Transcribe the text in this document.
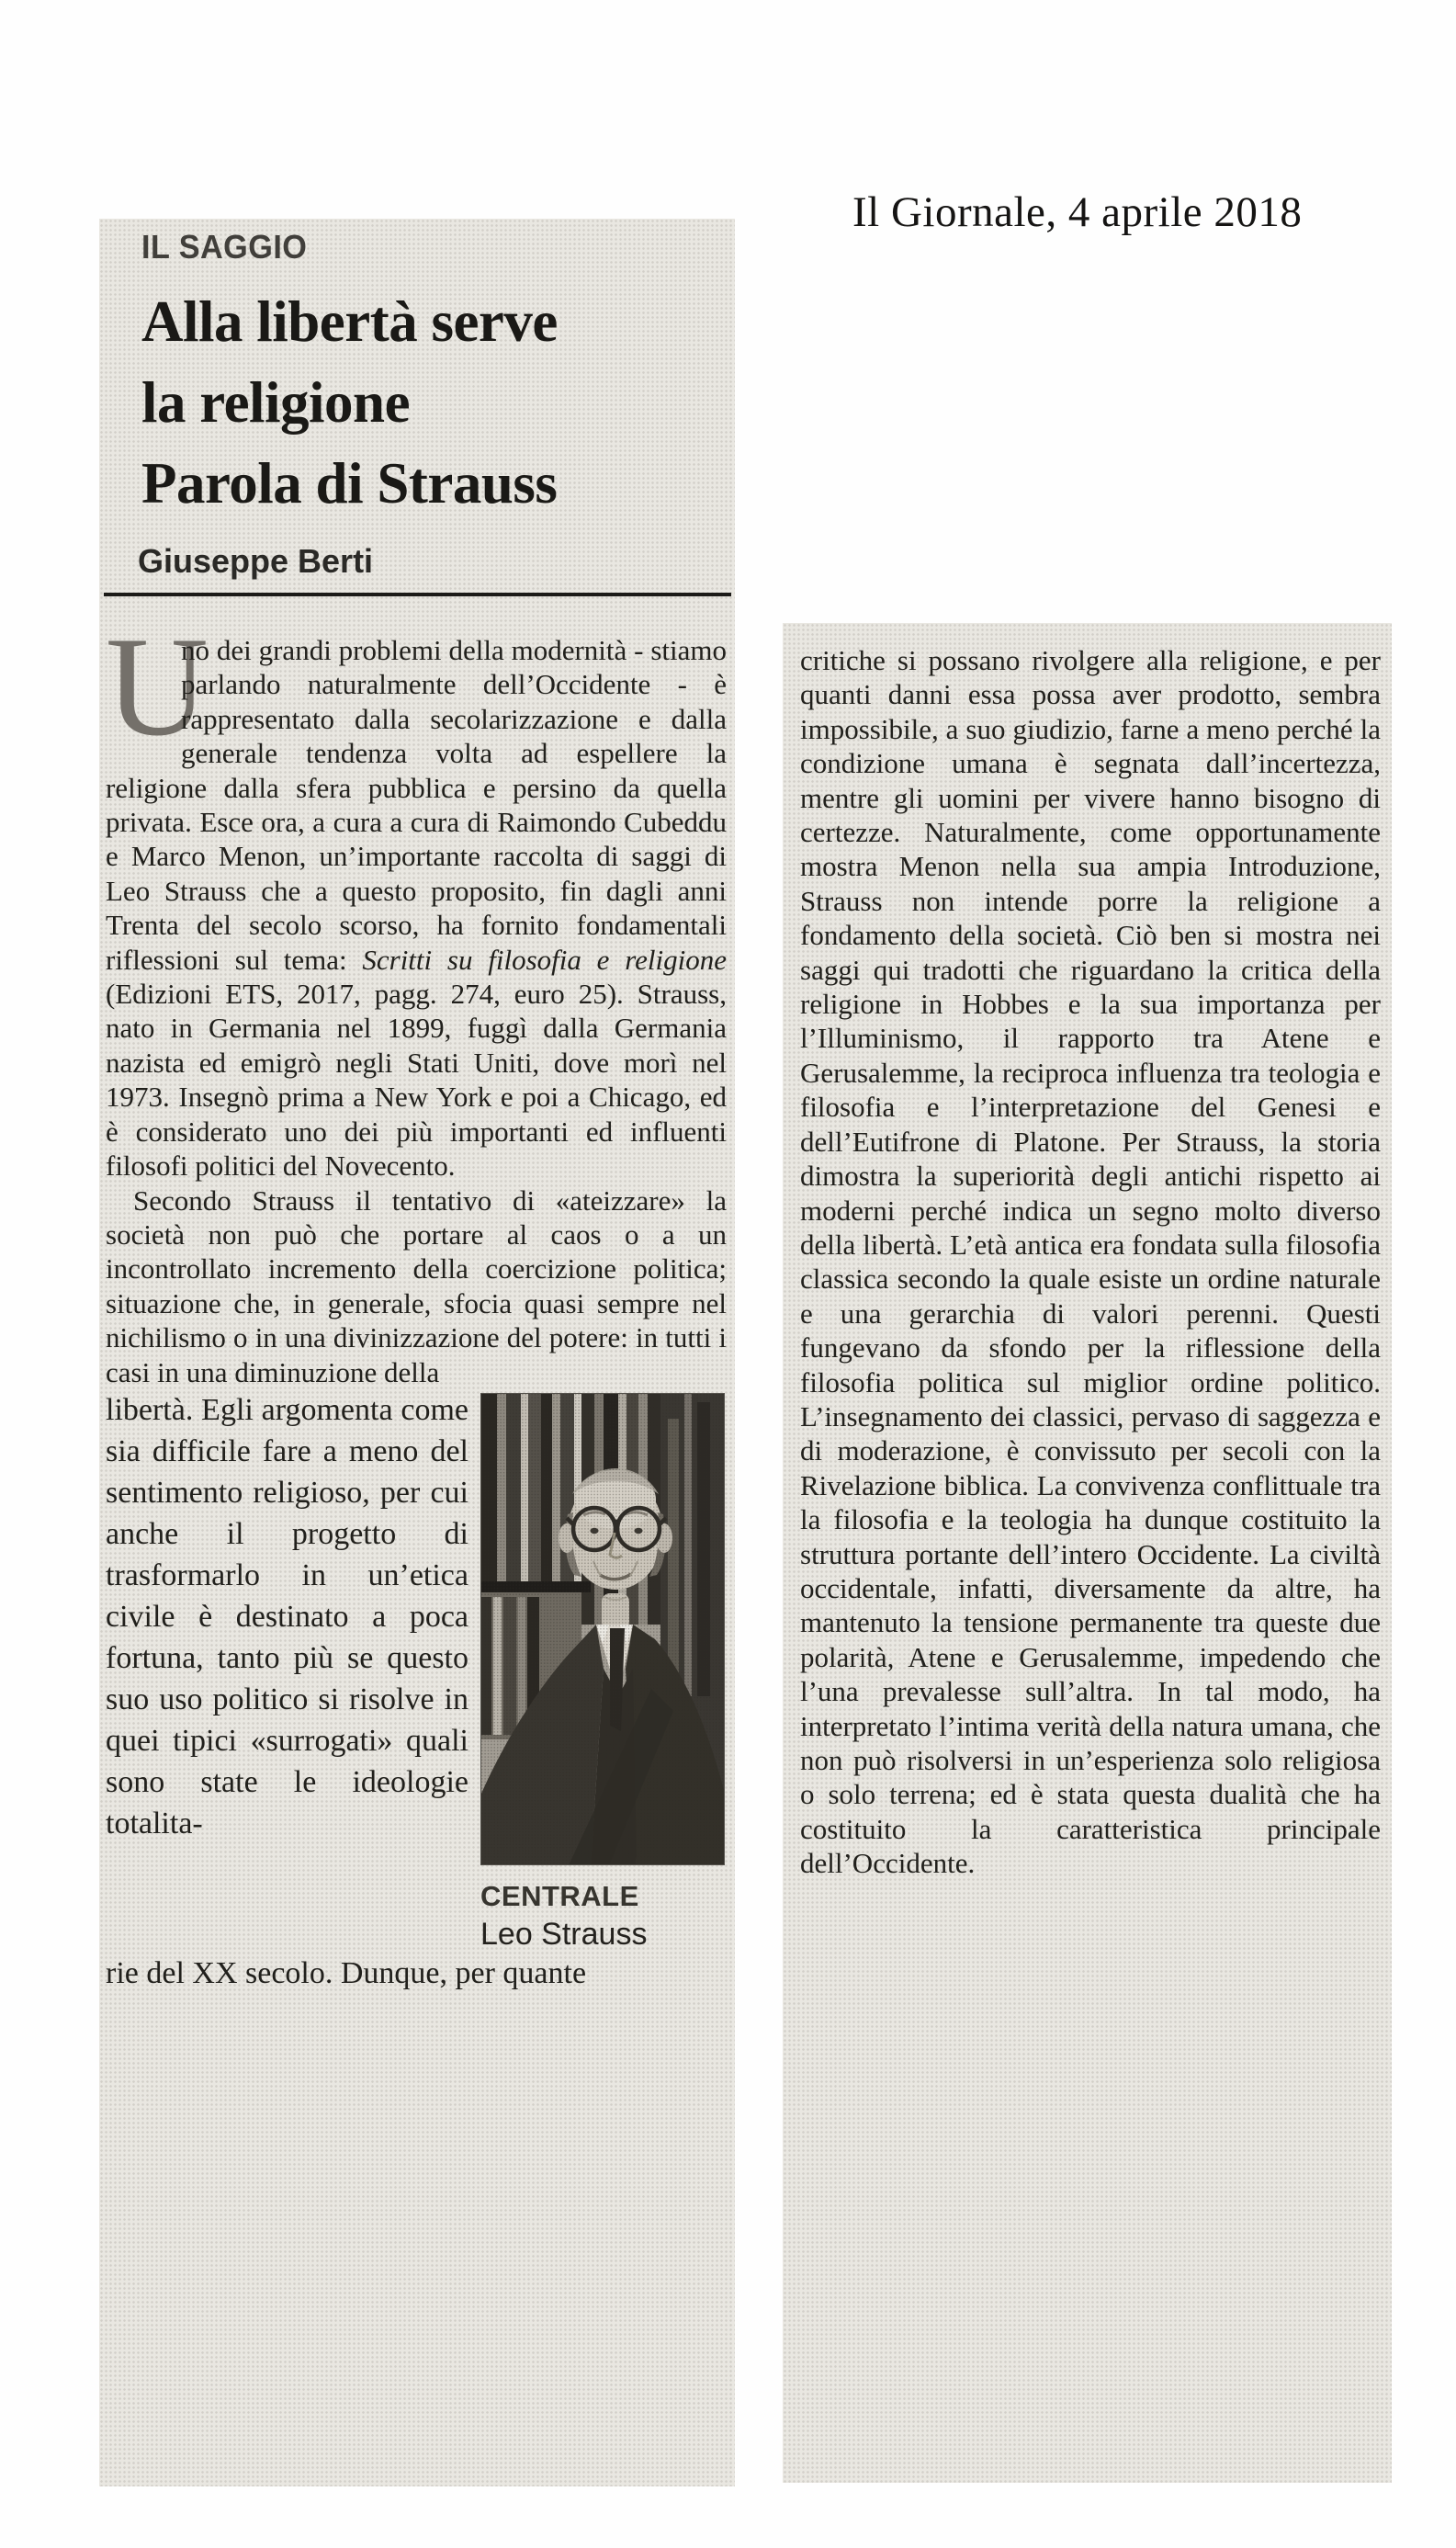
Il Giornale, 4 aprile 2018
IL SAGGIO
Alla libertà serve
la religione
Parola di Strauss
Giuseppe Berti

U
no dei grandi problemi della modernità - stiamo parlando naturalmente dell’Occidente - è rappresentato dalla secolarizzazione e dalla generale tendenza volta ad espellere la religione dalla sfera pubblica e persino da quella privata. Esce ora, a cura a cura di Raimondo Cubeddu e Marco Menon, un’importante raccolta di saggi di Leo Strauss che a questo proposito, fin dagli anni Trenta del secolo scorso, ha fornito fondamentali riflessioni sul tema: Scritti su filosofia e religione (Edizioni ETS, 2017, pagg. 274, euro 25). Strauss, nato in Germania nel 1899, fuggì dalla Germania nazista ed emigrò negli Stati Uniti, dove morì nel 1973. Insegnò prima a New York e poi a Chicago, ed è considerato uno dei più importanti ed influenti filosofi politici del Novecento.

Secondo Strauss il tentativo di «ateizzare» la società non può che portare al caos o a un incontrollato incremento della coercizione politica; situazione che, in generale, sfocia quasi sempre nel nichilismo o in una divinizzazione del potere: in tutti i casi in una diminuzione della

libertà. Egli argomenta come sia difficile fare a meno del sentimento religioso, per cui anche il progetto di trasformarlo in un’etica civile è destinato a poca fortuna, tanto più se questo suo uso politico si risolve in quei tipici «surrogati» quali sono state le ideologie totalita-

CENTRALE
Leo Strauss

rie del XX secolo. Dunque, per quante

critiche si possano rivolgere alla religione, e per quanti danni essa possa aver prodotto, sembra impossibile, a suo giudizio, farne a meno perché la condizione umana è segnata dall’incertezza, mentre gli uomini per vivere hanno bisogno di certezze. Naturalmente, come opportunamente mostra Menon nella sua ampia Introduzione, Strauss non intende porre la religione a fondamento della società. Ciò ben si mostra nei saggi qui tradotti che riguardano la critica della religione in Hobbes e la sua importanza per l’Illuminismo, il rapporto tra Atene e Gerusalemme, la reciproca influenza tra teologia e filosofia e l’interpretazione del Genesi e dell’Eutifrone di Platone. Per Strauss, la storia dimostra la superiorità degli antichi rispetto ai moderni perché indica un segno molto diverso della libertà. L’età antica era fondata sulla filosofia classica secondo la quale esiste un ordine naturale e una gerarchia di valori perenni. Questi fungevano da sfondo per la riflessione della filosofia politica sul miglior ordine politico. L’insegnamento dei classici, pervaso di saggezza e di moderazione, è convissuto per secoli con la Rivelazione biblica. La convivenza conflittuale tra la filosofia e la teologia ha dunque costituito la struttura portante dell’intero Occidente. La civiltà occidentale, infatti, diversamente da altre, ha mantenuto la tensione permanente tra queste due polarità, Atene e Gerusalemme, impedendo che l’una prevalesse sull’altra. In tal modo, ha interpretato l’intima verità della natura umana, che non può risolversi in un’esperienza solo religiosa o solo terrena; ed è stata questa dualità che ha costituito la caratteristica principale dell’Occidente.
